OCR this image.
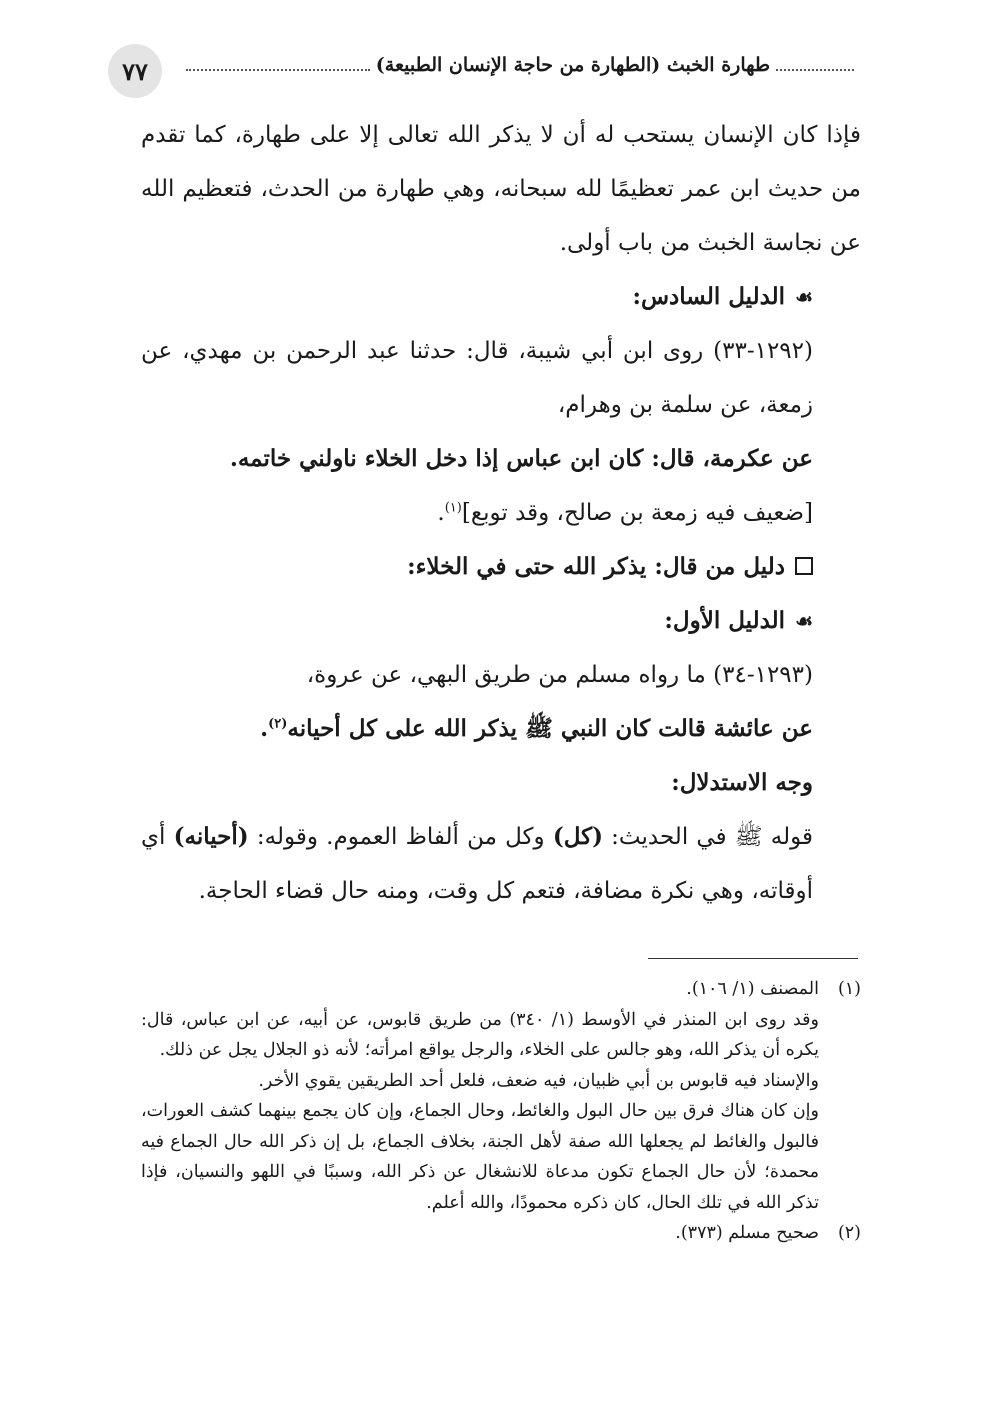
٧٧	طهارة الخبث (الطهارة من حاجة الإنسان الطبيعة)

فإذا كان الإنسان يستحب له أن لا يذكر الله تعالى إلا على طهارة، كما تقدم من حديث ابن عمر تعظيمًا لله سبحانه، وهي طهارة من الحدث، فتعظيم الله عن نجاسة الخبث من باب أولى.

☙الدليل السادس:

(١٢٩٢-٣٣) روى ابن أبي شيبة، قال: حدثنا عبد الرحمن بن مهدي، عن زمعة، عن سلمة بن وهرام،

عن عكرمة، قال: كان ابن عباس إذا دخل الخلاء ناولني خاتمه.

[ضعيف فيه زمعة بن صالح، وقد توبع]$^{(١)}$.

دليل من قال: يذكر الله حتى في الخلاء:

☙الدليل الأول:

(١٢٩٣-٣٤) ما رواه مسلم من طريق البهي، عن عروة،

عن عائشة قالت كان النبي ﷺ يذكر الله على كل أحيانه$^{(٢)}$.

وجه الاستدلال:

قوله ﷺ في الحديث: (كل) وكل من ألفاظ العموم. وقوله: (أحيانه) أي أوقاته، وهي نكرة مضافة، فتعم كل وقت، ومنه حال قضاء الحاجة.

(١)المصنف (١/ ١٠٦).

وقد روى ابن المنذر في الأوسط (١/ ٣٤٠) من طريق قابوس، عن أبيه، عن ابن عباس، قال: يكره أن يذكر الله، وهو جالس على الخلاء، والرجل يواقع امرأته؛ لأنه ذو الجلال يجل عن ذلك.

والإسناد فيه قابوس بن أبي ظبيان، فيه ضعف، فلعل أحد الطريقين يقوي الأخر.

وإن كان هناك فرق بين حال البول والغائط، وحال الجماع، وإن كان يجمع بينهما كشف العورات، فالبول والغائط لم يجعلها الله صفة لأهل الجنة، بخلاف الجماع، بل إن ذكر الله حال الجماع فيه محمدة؛ لأن حال الجماع تكون مدعاة للانشغال عن ذكر الله، وسببًا في اللهو والنسيان، فإذا تذكر الله في تلك الحال، كان ذكره محمودًا، والله أعلم.

(٢)صحيح مسلم (٣٧٣).
